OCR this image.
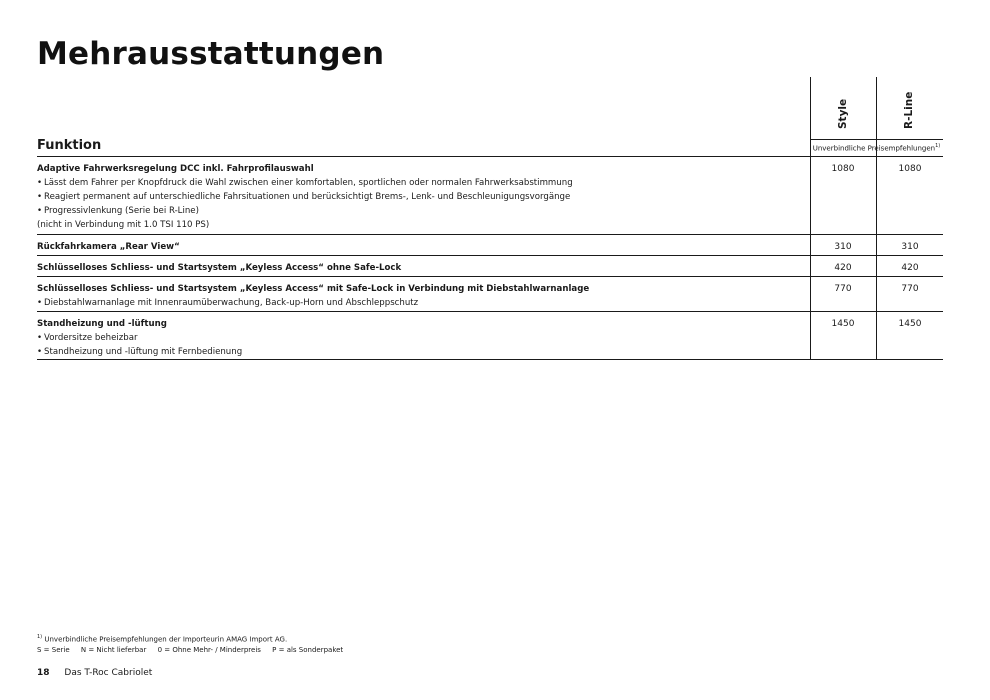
Mehrausstattungen
Style	R-Line
Funktion	Unverbindliche Preisempfehlungen$^{1)}$
Adaptive Fahrwerksregelung DCC inkl. Fahrprofilauswahl
• Lässt dem Fahrer per Knopfdruck die Wahl zwischen einer komfortablen, sportlichen oder normalen Fahrwerksabstimmung
• Reagiert permanent auf unterschiedliche Fahrsituationen und berücksichtigt Brems-, Lenk- und Beschleunigungsvorgänge
• Progressivlenkung (Serie bei R-Line)
(nicht in Verbindung mit 1.0 TSI 110 PS)
1080	1080
Rückfahrkamera „Rear View“	310	310
Schlüsselloses Schliess- und Startsystem „Keyless Access“ ohne Safe-Lock	420	420
Schlüsselloses Schliess- und Startsystem „Keyless Access“ mit Safe-Lock in Verbindung mit Diebstahlwarnanlage
• Diebstahlwarnanlage mit Innenraumüberwachung, Back-up-Horn und Abschleppschutz
770	770
Standheizung und -lüftung
• Vordersitze beheizbar
• Standheizung und -lüftung mit Fernbedienung
1450	1450
$^{1)}$ Unverbindliche Preisempfehlungen der Importeurin AMAG Import AG.
S = Serie N = Nicht lieferbar 0 = Ohne Mehr- / Minderpreis P = als Sonderpaket
18 Das T-Roc Cabriolet
